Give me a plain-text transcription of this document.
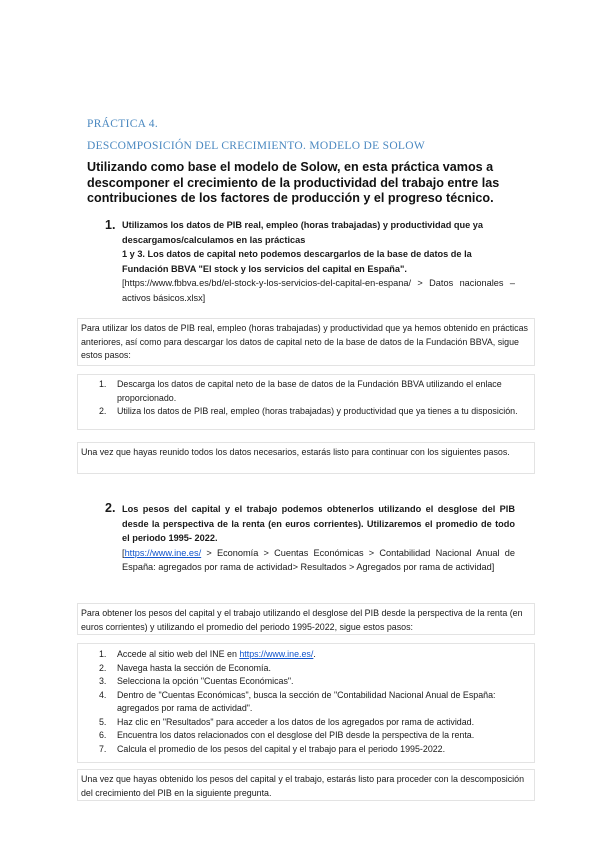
PRÁCTICA 4.
DESCOMPOSICIÓN DEL CRECIMIENTO. MODELO DE SOLOW
Utilizando como base el modelo de Solow, en esta práctica vamos a descomponer el crecimiento de la productividad del trabajo entre las contribuciones de los factores de producción y el progreso técnico.
1. Utilizamos los datos de PIB real, empleo (horas trabajadas) y productividad que ya descargamos/calculamos en las prácticas
1 y 3. Los datos de capital neto podemos descargarlos de la base de datos de la Fundación BBVA "El stock y los servicios del capital en España".

[https://www.fbbva.es/bd/el-stock-y-los-servicios-del-capital-en-espana/ > Datos nacionales – activos básicos.xlsx]
Para utilizar los datos de PIB real, empleo (horas trabajadas) y productividad que ya hemos obtenido en prácticas anteriores, así como para descargar los datos de capital neto de la base de datos de la Fundación BBVA, sigue estos pasos:
1. Descarga los datos de capital neto de la base de datos de la Fundación BBVA utilizando el enlace proporcionado.
2. Utiliza los datos de PIB real, empleo (horas trabajadas) y productividad que ya tienes a tu disposición.
Una vez que hayas reunido todos los datos necesarios, estarás listo para continuar con los siguientes pasos.
2. Los pesos del capital y el trabajo podemos obtenerlos utilizando el desglose del PIB desde la perspectiva de la renta (en euros corrientes). Utilizaremos el promedio de todo el periodo 1995- 2022.
[https://www.ine.es/ > Economía > Cuentas Económicas > Contabilidad Nacional Anual de España: agregados por rama de actividad> Resultados > Agregados por rama de actividad]
Para obtener los pesos del capital y el trabajo utilizando el desglose del PIB desde la perspectiva de la renta (en euros corrientes) y utilizando el promedio del periodo 1995-2022, sigue estos pasos:
1. Accede al sitio web del INE en https://www.ine.es/.
2. Navega hasta la sección de Economía.
3. Selecciona la opción "Cuentas Económicas".
4. Dentro de "Cuentas Económicas", busca la sección de "Contabilidad Nacional Anual de España: agregados por rama de actividad".
5. Haz clic en "Resultados" para acceder a los datos de los agregados por rama de actividad.
6. Encuentra los datos relacionados con el desglose del PIB desde la perspectiva de la renta.
7. Calcula el promedio de los pesos del capital y el trabajo para el periodo 1995-2022.
Una vez que hayas obtenido los pesos del capital y el trabajo, estarás listo para proceder con la descomposición del crecimiento del PIB en la siguiente pregunta.
